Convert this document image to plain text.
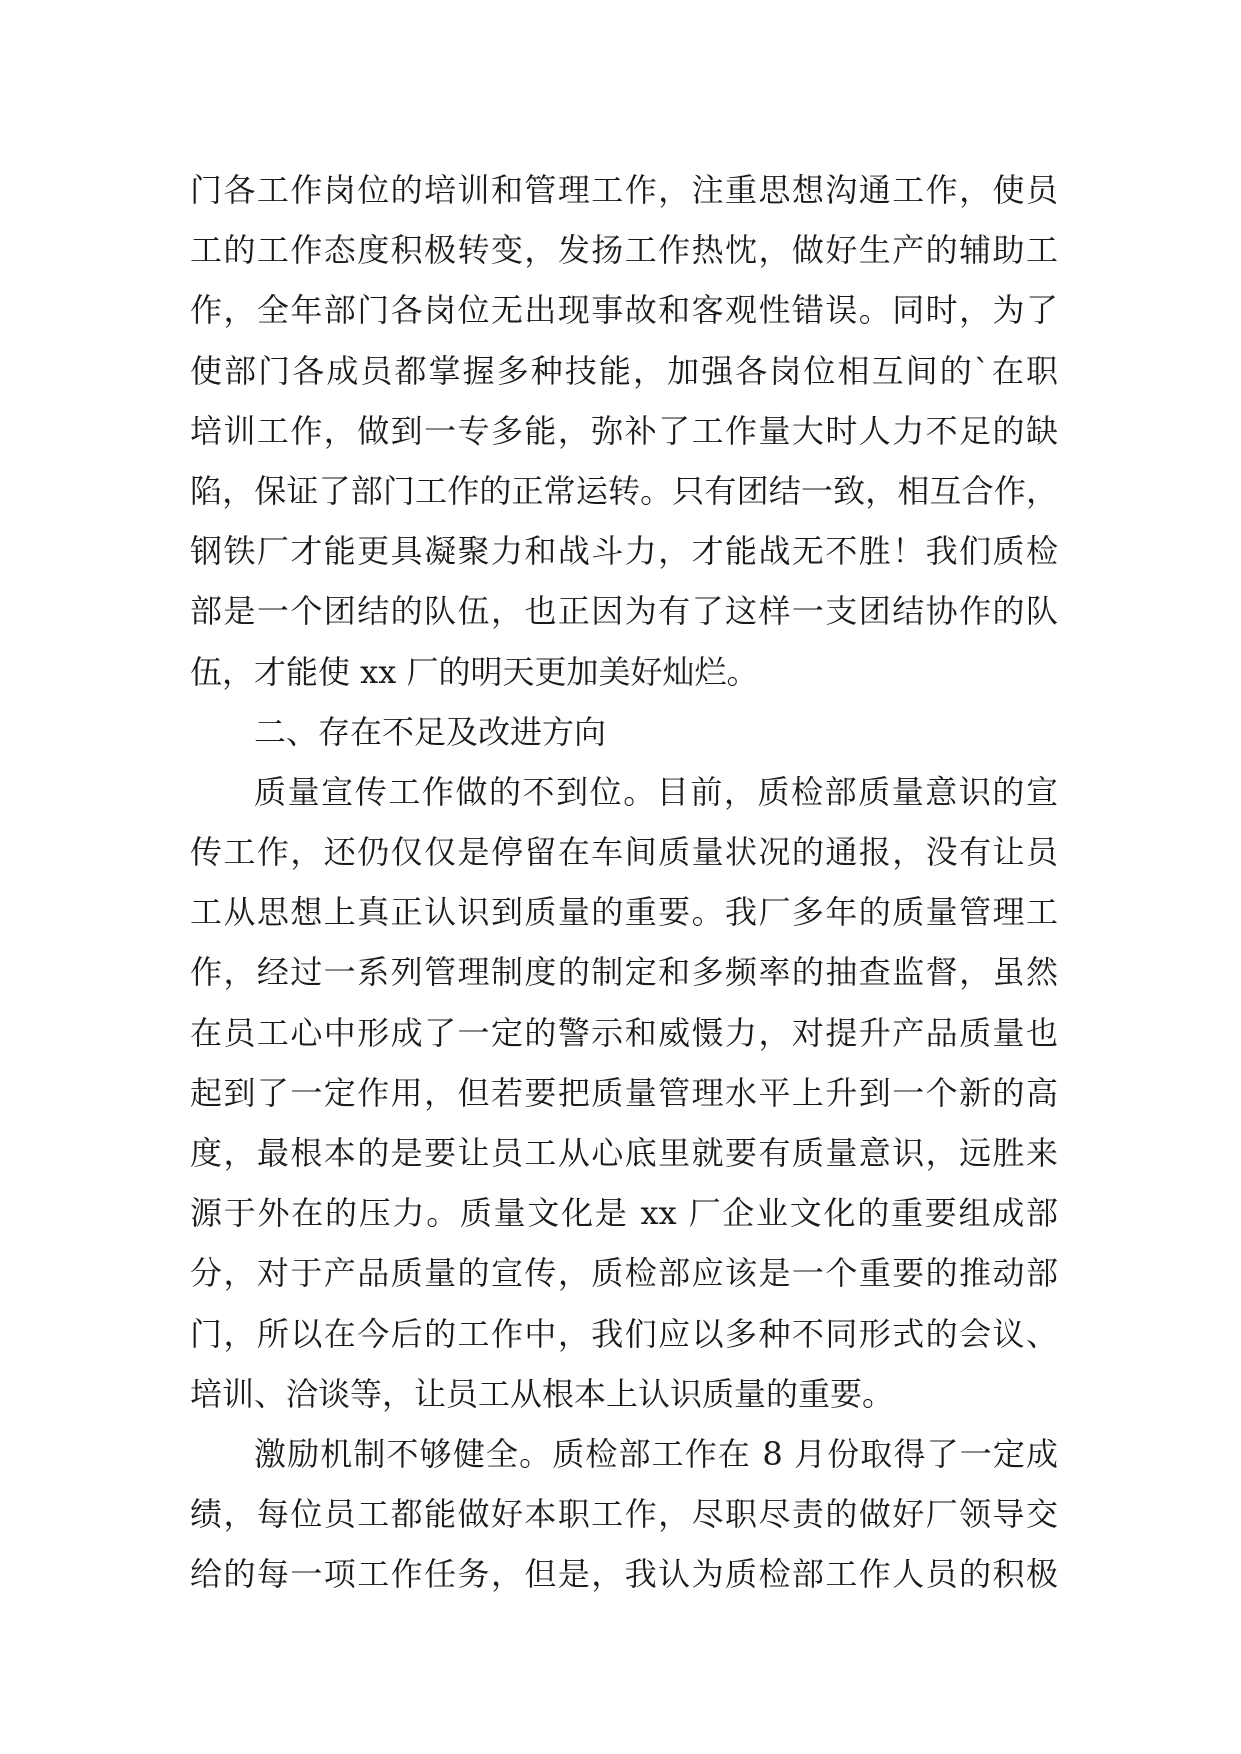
门各工作岗位的培训和管理工作，注重思想沟通工作，使员
工的工作态度积极转变，发扬工作热忱，做好生产的辅助工
作，全年部门各岗位无出现事故和客观性错误。同时，为了
使部门各成员都掌握多种技能，加强各岗位相互间的`在职
培训工作，做到一专多能，弥补了工作量大时人力不足的缺
陷，保证了部门工作的正常运转。只有团结一致，相互合作，
钢铁厂才能更具凝聚力和战斗力，才能战无不胜！我们质检
部是一个团结的队伍，也正因为有了这样一支团结协作的队
伍，才能使 xx 厂的明天更加美好灿烂。
二、存在不足及改进方向
质量宣传工作做的不到位。目前，质检部质量意识的宣
传工作，还仍仅仅是停留在车间质量状况的通报，没有让员
工从思想上真正认识到质量的重要。我厂多年的质量管理工
作，经过一系列管理制度的制定和多频率的抽查监督，虽然
在员工心中形成了一定的警示和威慑力，对提升产品质量也
起到了一定作用，但若要把质量管理水平上升到一个新的高
度，最根本的是要让员工从心底里就要有质量意识，远胜来
源于外在的压力。质量文化是 xx 厂企业文化的重要组成部
分，对于产品质量的宣传，质检部应该是一个重要的推动部
门，所以在今后的工作中，我们应以多种不同形式的会议、
培训、洽谈等，让员工从根本上认识质量的重要。
激励机制不够健全。质检部工作在 8 月份取得了一定成
绩，每位员工都能做好本职工作，尽职尽责的做好厂领导交
给的每一项工作任务，但是，我认为质检部工作人员的积极
